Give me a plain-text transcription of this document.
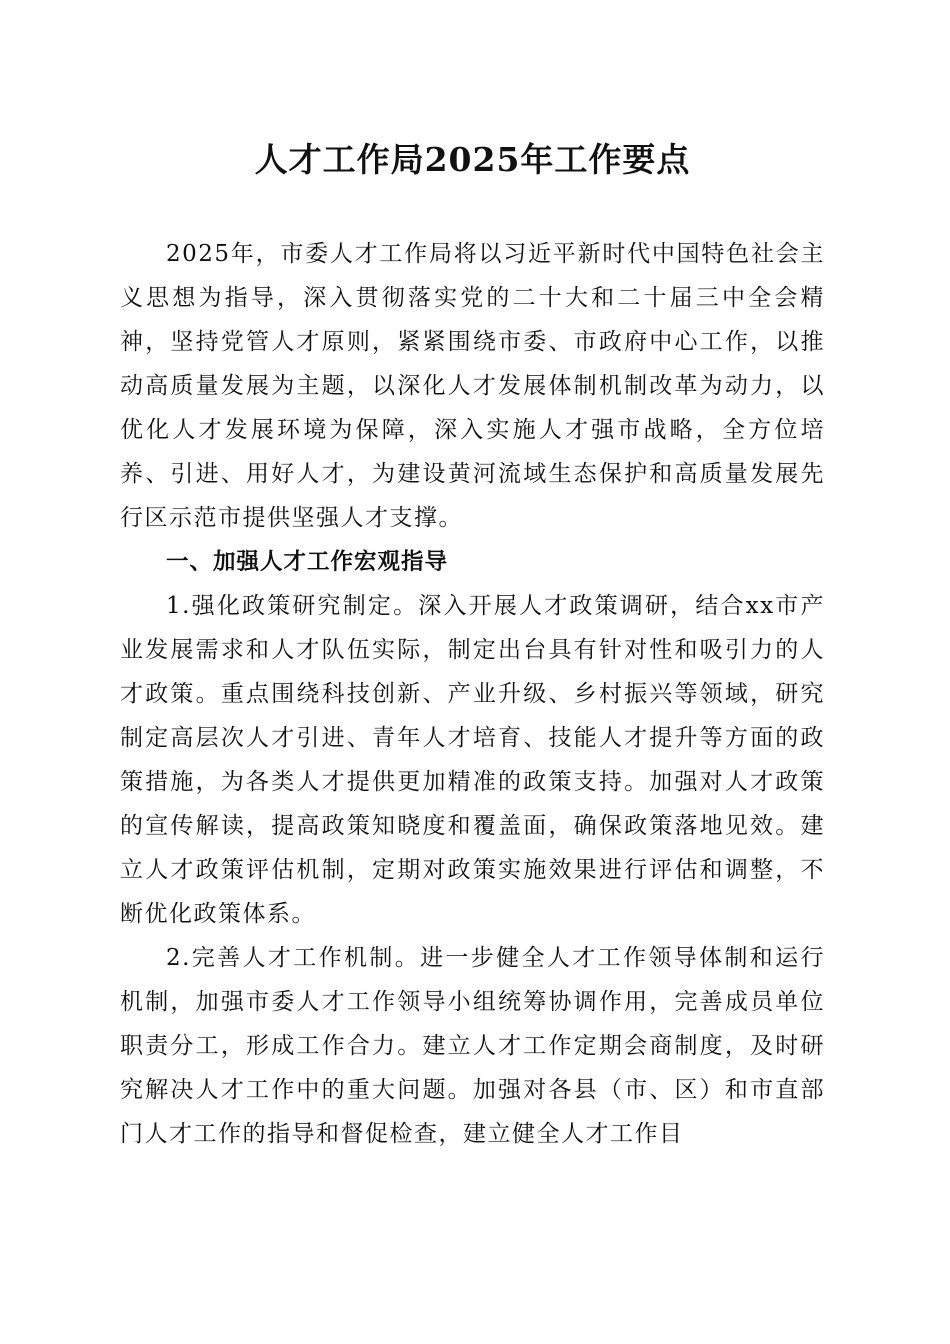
人才工作局2025年工作要点

2025年，市委人才工作局将以习近平新时代中国特色社会主义思想为指导，深入贯彻落实党的二十大和二十届三中全会精神，坚持党管人才原则，紧紧围绕市委、市政府中心工作，以推动高质量发展为主题，以深化人才发展体制机制改革为动力，以优化人才发展环境为保障，深入实施人才强市战略，全方位培养、引进、用好人才，为建设黄河流域生态保护和高质量发展先行区示范市提供坚强人才支撑。

一、加强人才工作宏观指导

1.强化政策研究制定。深入开展人才政策调研，结合xx市产业发展需求和人才队伍实际，制定出台具有针对性和吸引力的人才政策。重点围绕科技创新、产业升级、乡村振兴等领域，研究制定高层次人才引进、青年人才培育、技能人才提升等方面的政策措施，为各类人才提供更加精准的政策支持。加强对人才政策的宣传解读，提高政策知晓度和覆盖面，确保政策落地见效。建立人才政策评估机制，定期对政策实施效果进行评估和调整，不断优化政策体系。

2.完善人才工作机制。进一步健全人才工作领导体制和运行机制，加强市委人才工作领导小组统筹协调作用，完善成员单位职责分工，形成工作合力。建立人才工作定期会商制度，及时研究解决人才工作中的重大问题。加强对各县（市、区）和市直部门人才工作的指导和督促检查，建立健全人才工作目
